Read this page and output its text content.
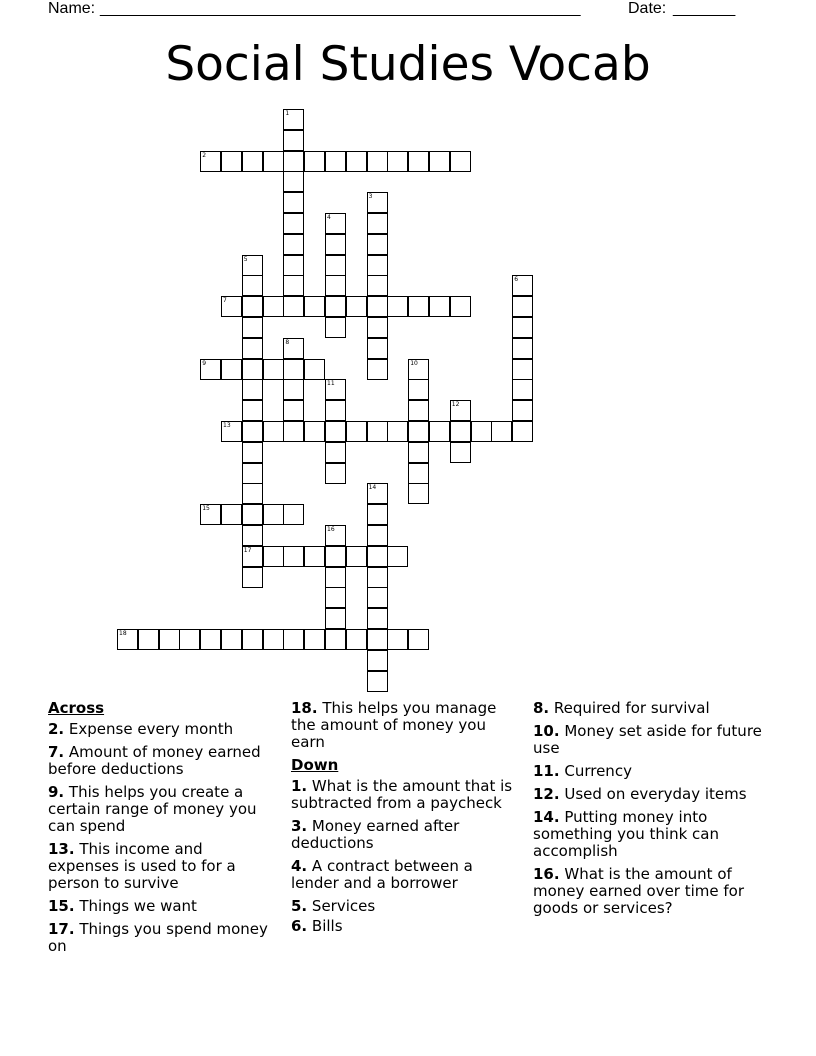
Name: ______________________________________________________	Date: _______
Social Studies Vocab
1
2
3
4
5
6
7
8
9	10
11
12
13
14
15
16
17
18
Across
2. Expense every month
7. Amount of money earned before deductions
9. This helps you create a certain range of money you can spend
13. This income and expenses is used to for a person to survive
15. Things we want
17. Things you spend money on
18. This helps you manage the amount of money you earn
Down
1. What is the amount that is subtracted from a paycheck
3. Money earned after deductions
4. A contract between a lender and a borrower
5. Services
6. Bills
8. Required for survival
10. Money set aside for future use
11. Currency
12. Used on everyday items
14. Putting money into something you think can accomplish
16. What is the amount of money earned over time for goods or services?
